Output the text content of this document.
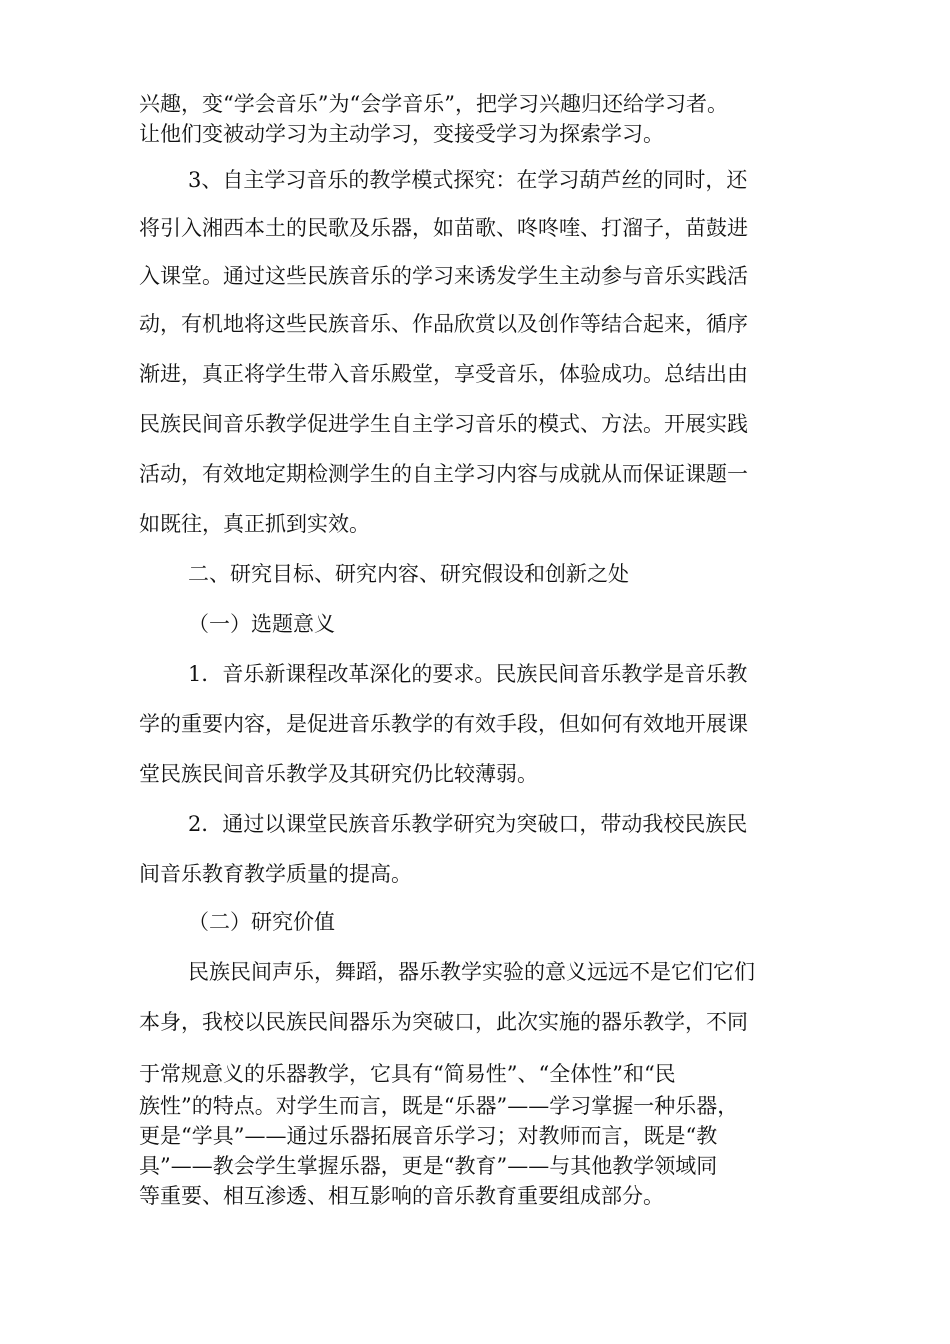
兴趣，变“学会音乐”为“会学音乐”，把学习兴趣归还给学习者。

让他们变被动学习为主动学习，变接受学习为探索学习。

3、自主学习音乐的教学模式探究：在学习葫芦丝的同时，还

将引入湘西本土的民歌及乐器，如苗歌、咚咚喹、打溜子，苗鼓进

入课堂。通过这些民族音乐的学习来诱发学生主动参与音乐实践活

动，有机地将这些民族音乐、作品欣赏以及创作等结合起来，循序

渐进，真正将学生带入音乐殿堂，享受音乐，体验成功。总结出由

民族民间音乐教学促进学生自主学习音乐的模式、方法。开展实践

活动，有效地定期检测学生的自主学习内容与成就从而保证课题一

如既往，真正抓到实效。

二、研究目标、研究内容、研究假设和创新之处

（一）选题意义

1．音乐新课程改革深化的要求。民族民间音乐教学是音乐教

学的重要内容，是促进音乐教学的有效手段，但如何有效地开展课

堂民族民间音乐教学及其研究仍比较薄弱。

2．通过以课堂民族音乐教学研究为突破口，带动我校民族民

间音乐教育教学质量的提高。

（二）研究价值

民族民间声乐，舞蹈，器乐教学实验的意义远远不是它们它们

本身，我校以民族民间器乐为突破口，此次实施的器乐教学，不同

于常规意义的乐器教学，它具有“简易性”、“全体性”和“民

族性”的特点。对学生而言，既是“乐器”——学习掌握一种乐器，

更是“学具”——通过乐器拓展音乐学习；对教师而言，既是“教

具”——教会学生掌握乐器，更是“教育”——与其他教学领域同

等重要、相互渗透、相互影响的音乐教育重要组成部分。
